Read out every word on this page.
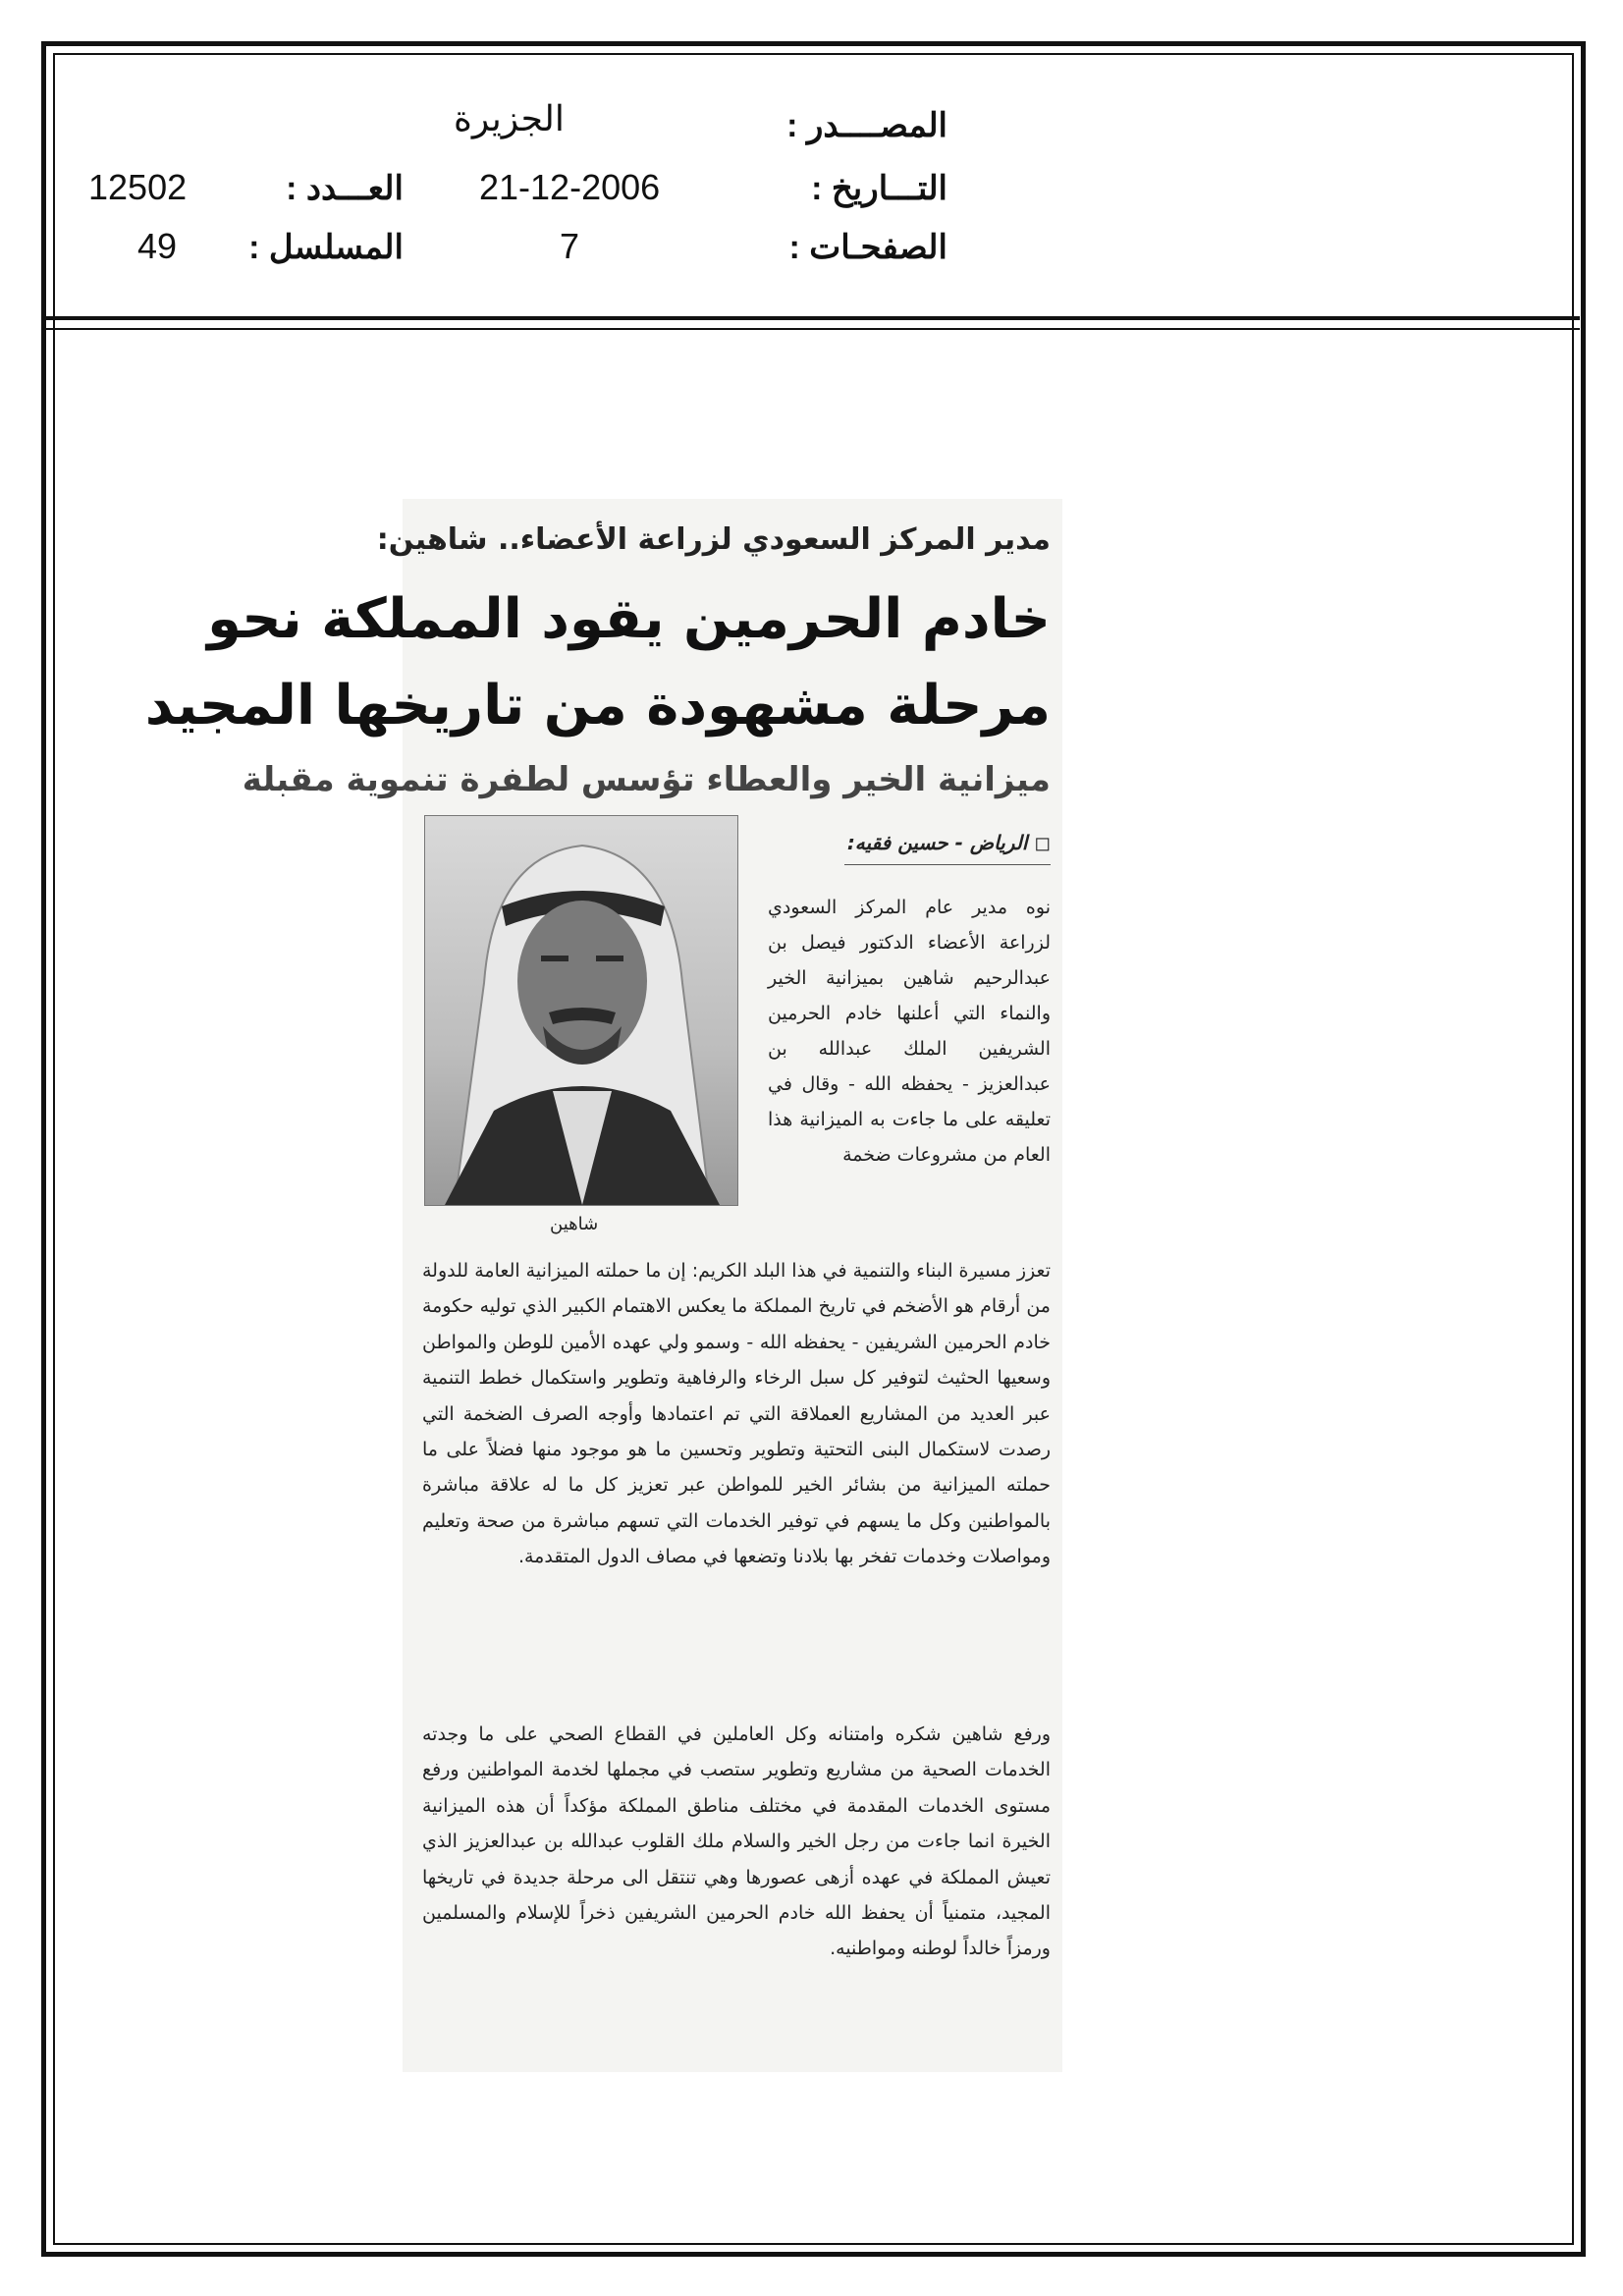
الجزيرة	المصــــدر :
21-12-2006	التـــاريخ :
12502	العـــدد :
7	الصفحـات :
49 المسلسل :
مدير المركز السعودي لزراعة الأعضاء.. شاهين:
خادم الحرمين يقود المملكة نحو
مرحلة مشهودة من تاريخها المجيد
ميزانية الخير والعطاء تؤسس لطفرة تنموية مقبلة
◻ الرياض - حسين فقيه:
شاهين
نوه مدير عام المركز السعودي لزراعة الأعضاء الدكتور فيصل بن عبدالرحيم شاهين بميزانية الخير والنماء التي أعلنها خادم الحرمين الشريفين الملك عبدالله بن عبدالعزيز - يحفظه الله - وقال في تعليقه على ما جاءت به الميزانية هذا العام من مشروعات ضخمة
تعزز مسيرة البناء والتنمية في هذا البلد الكريم: إن ما حملته الميزانية العامة للدولة من أرقام هو الأضخم في تاريخ المملكة ما يعكس الاهتمام الكبير الذي توليه حكومة خادم الحرمين الشريفين - يحفظه الله - وسمو ولي عهده الأمين للوطن والمواطن وسعيها الحثيث لتوفير كل سبل الرخاء والرفاهية وتطوير واستكمال خطط التنمية عبر العديد من المشاريع العملاقة التي تم اعتمادها وأوجه الصرف الضخمة التي رصدت لاستكمال البنى التحتية وتطوير وتحسين ما هو موجود منها فضلاً على ما حملته الميزانية من بشائر الخير للمواطن عبر تعزيز كل ما له علاقة مباشرة بالمواطنين وكل ما يسهم في توفير الخدمات التي تسهم مباشرة من صحة وتعليم ومواصلات وخدمات تفخر بها بلادنا وتضعها في مصاف الدول المتقدمة.
ورفع شاهين شكره وامتنانه وكل العاملين في القطاع الصحي على ما وجدته الخدمات الصحية من مشاريع وتطوير ستصب في مجملها لخدمة المواطنين ورفع مستوى الخدمات المقدمة في مختلف مناطق المملكة مؤكداً أن هذه الميزانية الخيرة انما جاءت من رجل الخير والسلام ملك القلوب عبدالله بن عبدالعزيز الذي تعيش المملكة في عهده أزهى عصورها وهي تنتقل الى مرحلة جديدة في تاريخها المجيد، متمنياً أن يحفظ الله خادم الحرمين الشريفين ذخراً للإسلام والمسلمين ورمزاً خالداً لوطنه ومواطنيه.
